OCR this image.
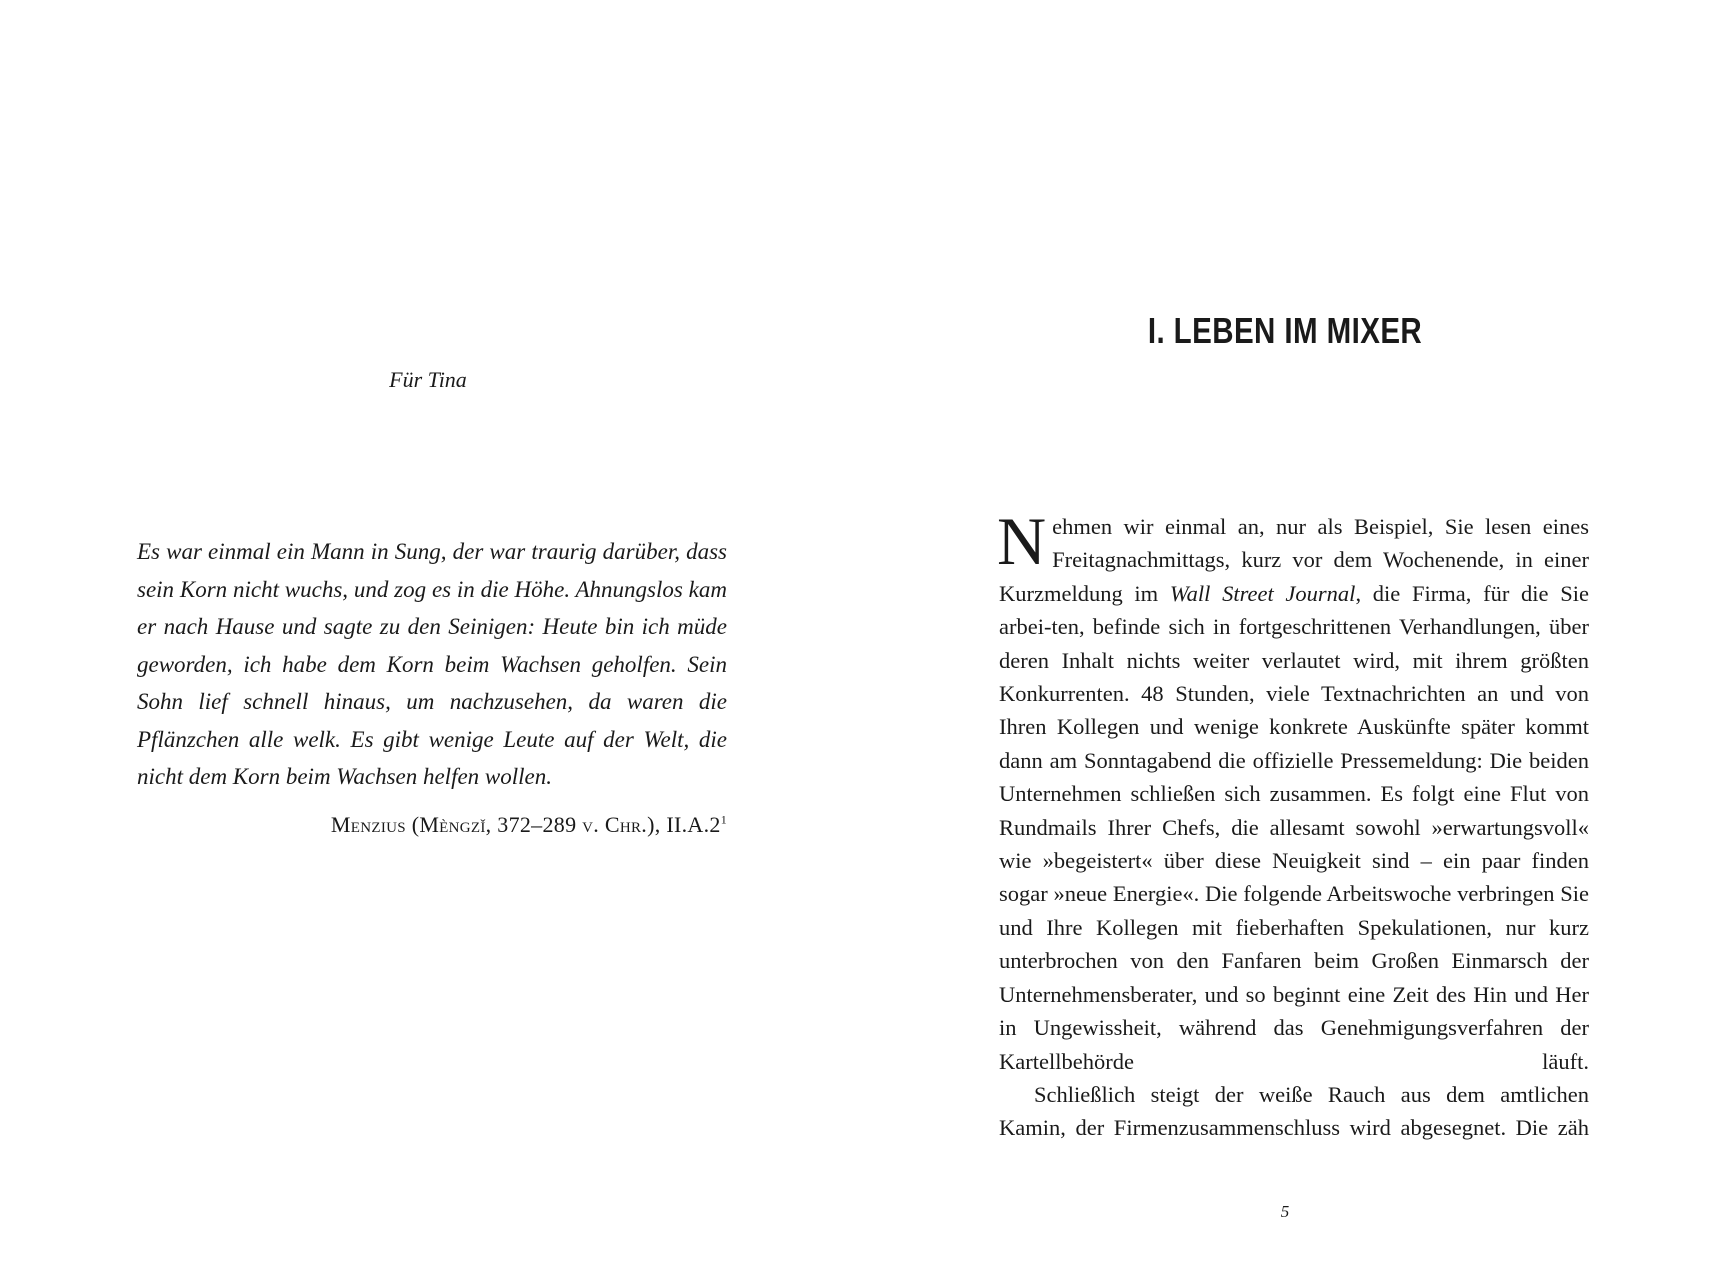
Für Tina
Es war einmal ein Mann in Sung, der war traurig darüber, dass sein Korn nicht wuchs, und zog es in die Höhe. Ahnungslos kam er nach Hause und sagte zu den Seinigen: Heute bin ich müde geworden, ich habe dem Korn beim Wachsen geholfen. Sein Sohn lief schnell hinaus, um nachzusehen, da waren die Pflänzchen alle welk. Es gibt wenige Leute auf der Welt, die nicht dem Korn beim Wachsen helfen wollen.
Menzius (Mèngzǐ, 372–289 v. Chr.), $II.A.2^1$
I. LEBEN IM MIXER

Nehmen wir einmal an, nur als Beispiel, Sie lesen eines Freitagnachmittags, kurz vor dem Wochenende, in einer Kurzmeldung im Wall Street Journal, die Firma, für die Sie arbei-ten, befinde sich in fortgeschrittenen Verhandlungen, über deren Inhalt nichts weiter verlautet wird, mit ihrem größten Konkurrenten. 48 Stunden, viele Textnachrichten an und von Ihren Kollegen und wenige konkrete Auskünfte später kommt dann am Sonntagabend die offizielle Pressemeldung: Die beiden Unternehmen schließen sich zusammen. Es folgt eine Flut von Rundmails Ihrer Chefs, die allesamt sowohl »erwartungsvoll« wie »begeistert« über diese Neuigkeit sind – ein paar finden sogar »neue Energie«. Die folgende Arbeitswoche verbringen Sie und Ihre Kollegen mit fieberhaften Spekulationen, nur kurz unterbrochen von den Fanfaren beim Großen Einmarsch der Unternehmensberater, und so beginnt eine Zeit des Hin und Her in Ungewissheit, während das Genehmigungsverfahren der Kartellbehörde läuft.

Schließlich steigt der weiße Rauch aus dem amtlichen Kamin, der Firmenzusammenschluss wird abgesegnet. Die zäh

5
